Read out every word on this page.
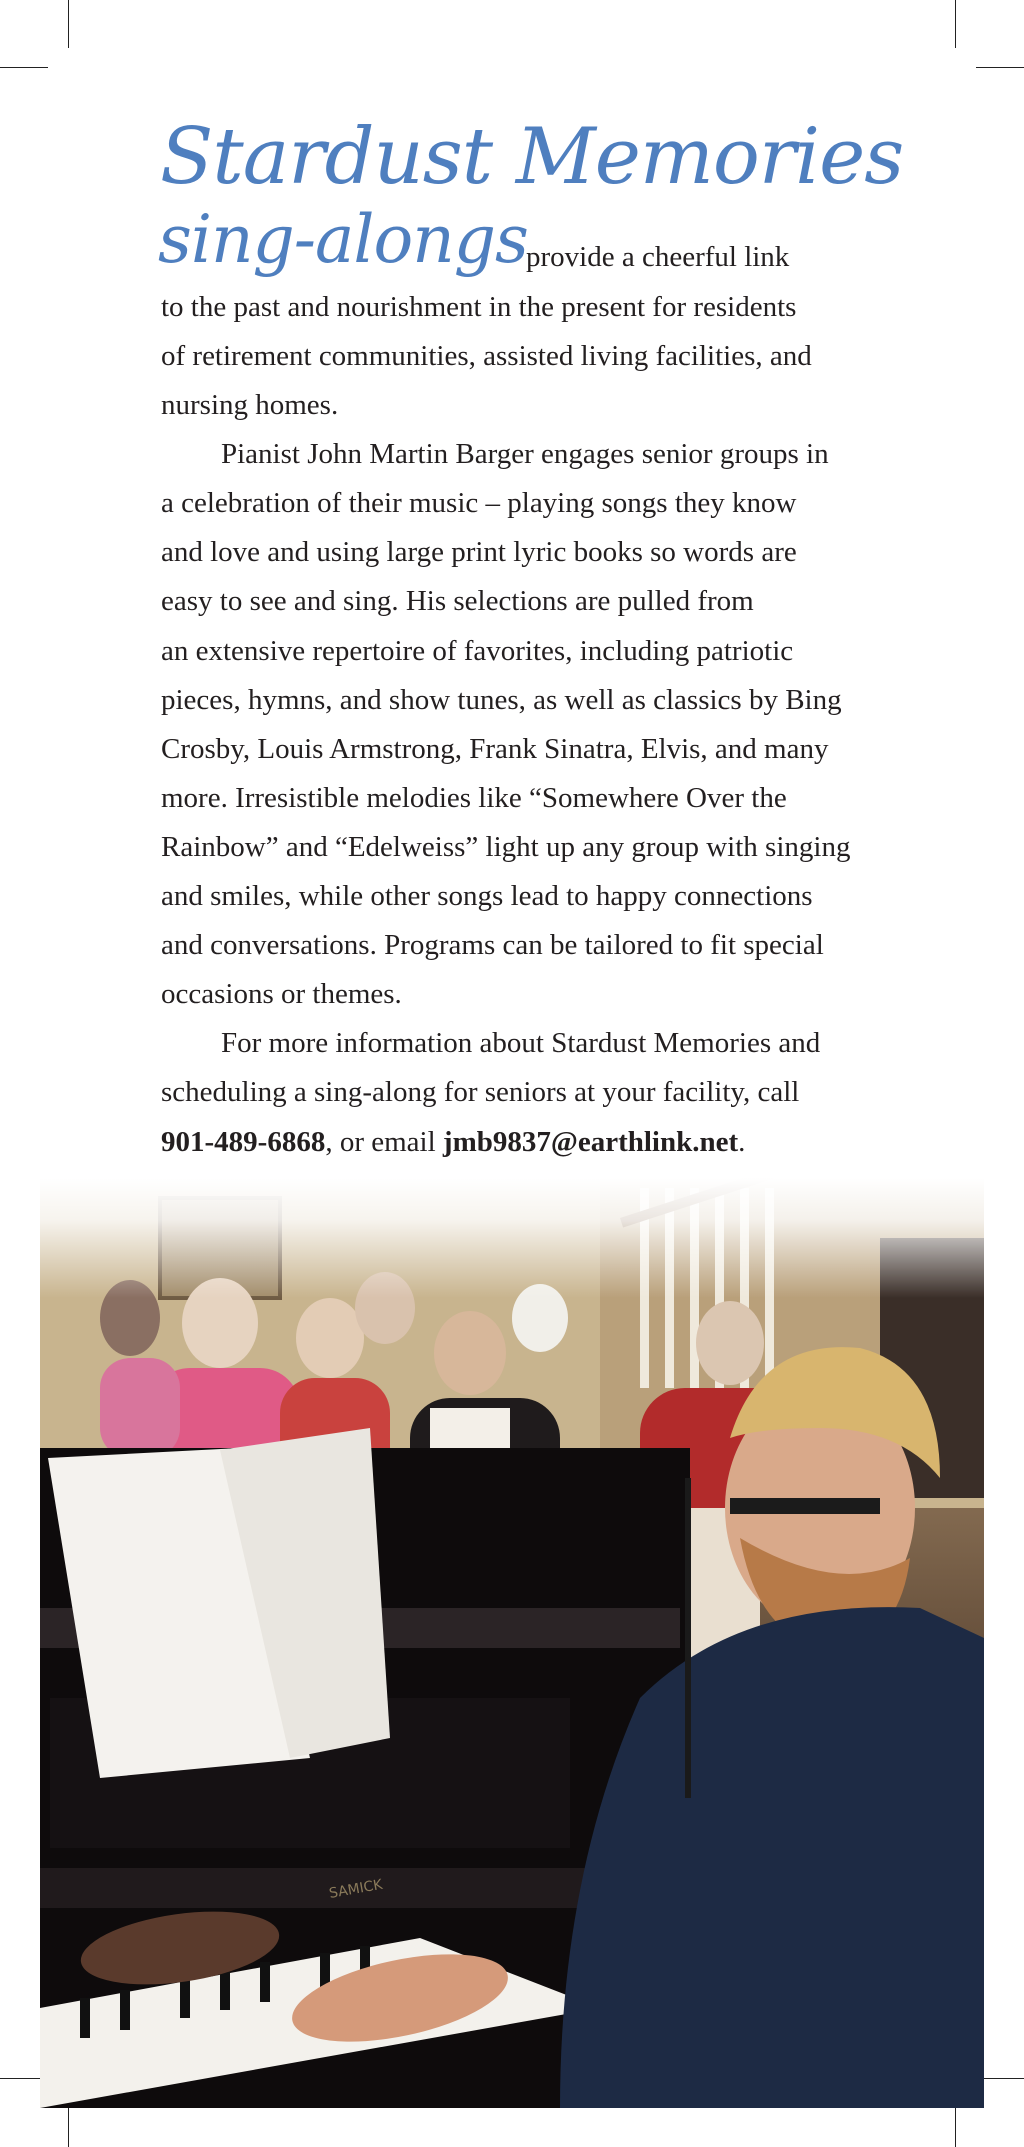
Stardust Memories
sing-alongs
provide a cheerful link
to the past and nourishment in the present for residents
of retirement communities, assisted living facilities, and
nursing homes.
Pianist John Martin Barger engages senior groups in
a celebration of their music – playing songs they know
and love and using large print lyric books so words are
easy to see and sing. His selections are pulled from
an extensive repertoire of favorites, including patriotic
pieces, hymns, and show tunes, as well as classics by Bing
Crosby, Louis Armstrong, Frank Sinatra, Elvis, and many
more. Irresistible melodies like “Somewhere Over the
Rainbow” and “Edelweiss” light up any group with singing
and smiles, while other songs lead to happy connections
and conversations. Programs can be tailored to fit special
occasions or themes.
For more information about Stardust Memories and
scheduling a sing-along for seniors at your facility, call
901-489-6868, or email jmb9837@earthlink.net.
SAMICK
